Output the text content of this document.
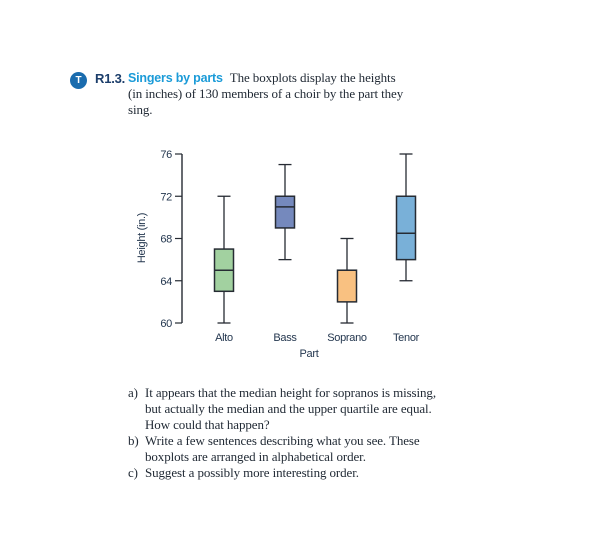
T R1.3. Singers by parts The boxplots display the heights
(in inches) of 130 members of a choir by the part they
sing.
60
64
68
72
76
Height (in.)
Alto	Bass	Soprano Tenor
Part
a) It appears that the median height for sopranos is missing,
but actually the median and the upper quartile are equal.
How could that happen?
b) Write a few sentences describing what you see. These
boxplots are arranged in alphabetical order.
c) Suggest a possibly more interesting order.
